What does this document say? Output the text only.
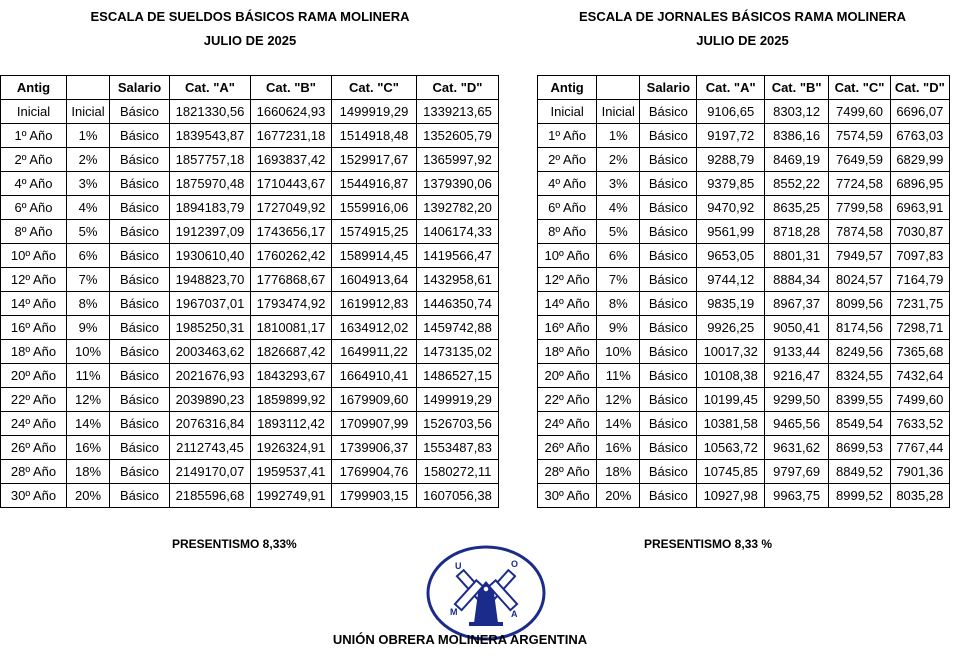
ESCALA DE SUELDOS BÁSICOS RAMA MOLINERA
JULIO DE 2025
Antig		Salario	Cat. "A"	Cat. "B"	Cat. "C"	Cat. "D"
Inicial	Inicial	Básico	1821330,56	1660624,93	1499919,29	1339213,65
1º Año	1%	Básico	1839543,87	1677231,18	1514918,48	1352605,79
2º Año	2%	Básico	1857757,18	1693837,42	1529917,67	1365997,92
4º Año	3%	Básico	1875970,48	1710443,67	1544916,87	1379390,06
6º Año	4%	Básico	1894183,79	1727049,92	1559916,06	1392782,20
8º Año	5%	Básico	1912397,09	1743656,17	1574915,25	1406174,33
10º Año	6%	Básico	1930610,40	1760262,42	1589914,45	1419566,47
12º Año	7%	Básico	1948823,70	1776868,67	1604913,64	1432958,61
14º Año	8%	Básico	1967037,01	1793474,92	1619912,83	1446350,74
16º Año	9%	Básico	1985250,31	1810081,17	1634912,02	1459742,88
18º Año	10%	Básico	2003463,62	1826687,42	1649911,22	1473135,02
20º Año	11%	Básico	2021676,93	1843293,67	1664910,41	1486527,15
22º Año	12%	Básico	2039890,23	1859899,92	1679909,60	1499919,29
24º Año	14%	Básico	2076316,84	1893112,42	1709907,99	1526703,56
26º Año	16%	Básico	2112743,45	1926324,91	1739906,37	1553487,83
28º Año	18%	Básico	2149170,07	1959537,41	1769904,76	1580272,11
30º Año	20%	Básico	2185596,68	1992749,91	1799903,15	1607056,38
ESCALA DE JORNALES BÁSICOS RAMA MOLINERA
JULIO DE 2025
Antig		Salario	Cat. "A"	Cat. "B"	Cat. "C"	Cat. "D"
Inicial	Inicial	Básico	9106,65	8303,12	7499,60	6696,07
1º Año	1%	Básico	9197,72	8386,16	7574,59	6763,03
2º Año	2%	Básico	9288,79	8469,19	7649,59	6829,99
4º Año	3%	Básico	9379,85	8552,22	7724,58	6896,95
6º Año	4%	Básico	9470,92	8635,25	7799,58	6963,91
8º Año	5%	Básico	9561,99	8718,28	7874,58	7030,87
10º Año	6%	Básico	9653,05	8801,31	7949,57	7097,83
12º Año	7%	Básico	9744,12	8884,34	8024,57	7164,79
14º Año	8%	Básico	9835,19	8967,37	8099,56	7231,75
16º Año	9%	Básico	9926,25	9050,41	8174,56	7298,71
18º Año	10%	Básico	10017,32	9133,44	8249,56	7365,68
20º Año	11%	Básico	10108,38	9216,47	8324,55	7432,64
22º Año	12%	Básico	10199,45	9299,50	8399,55	7499,60
24º Año	14%	Básico	10381,58	9465,56	8549,54	7633,52
26º Año	16%	Básico	10563,72	9631,62	8699,53	7767,44
28º Año	18%	Básico	10745,85	9797,69	8849,52	7901,36
30º Año	20%	Básico	10927,98	9963,75	8999,52	8035,28
PRESENTISMO 8,33%	PRESENTISMO 8,33 %
U	O
M	A
UNIÓN OBRERA MOLINERA ARGENTINA
